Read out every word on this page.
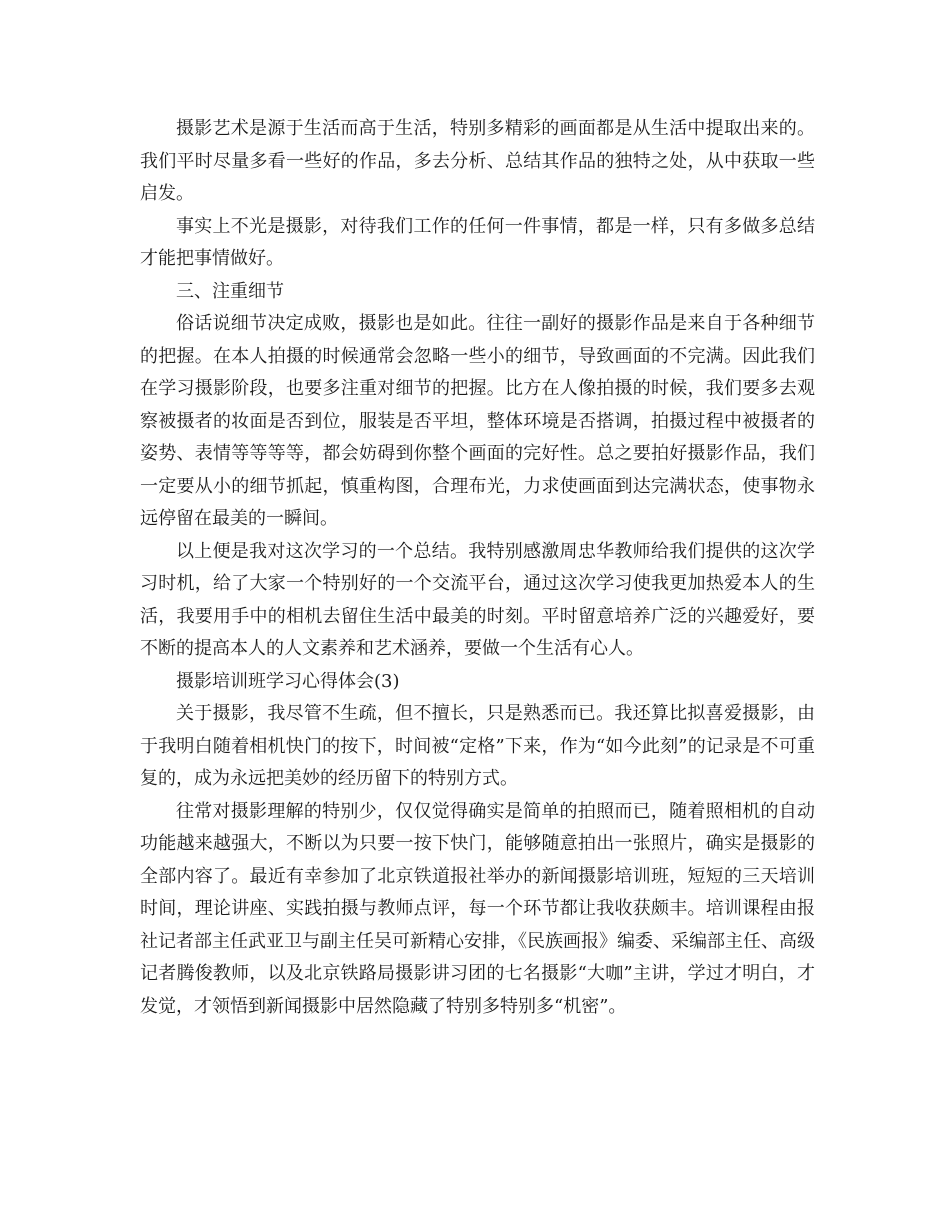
摄影艺术是源于生活而高于生活，特别多精彩的画面都是从生活中提取出来的。我们平时尽量多看一些好的作品，多去分析、总结其作品的独特之处，从中获取一些启发。

事实上不光是摄影，对待我们工作的任何一件事情，都是一样，只有多做多总结才能把事情做好。

三、注重细节

俗话说细节决定成败，摄影也是如此。往往一副好的摄影作品是来自于各种细节的把握。在本人拍摄的时候通常会忽略一些小的细节，导致画面的不完满。因此我们在学习摄影阶段，也要多注重对细节的把握。比方在人像拍摄的时候，我们要多去观察被摄者的妆面是否到位，服装是否平坦，整体环境是否搭调，拍摄过程中被摄者的姿势、表情等等等等，都会妨碍到你整个画面的完好性。总之要拍好摄影作品，我们一定要从小的细节抓起，慎重构图，合理布光，力求使画面到达完满状态，使事物永远停留在最美的一瞬间。

以上便是我对这次学习的一个总结。我特别感激周忠华教师给我们提供的这次学习时机，给了大家一个特别好的一个交流平台，通过这次学习使我更加热爱本人的生活，我要用手中的相机去留住生活中最美的时刻。平时留意培养广泛的兴趣爱好，要不断的提高本人的人文素养和艺术涵养，要做一个生活有心人。

摄影培训班学习心得体会(3)

关于摄影，我尽管不生疏，但不擅长，只是熟悉而已。我还算比拟喜爱摄影，由于我明白随着相机快门的按下，时间被“定格”下来，作为“如今此刻”的记录是不可重复的，成为永远把美妙的经历留下的特别方式。

往常对摄影理解的特别少，仅仅觉得确实是简单的拍照而已，随着照相机的自动功能越来越强大，不断以为只要一按下快门，能够随意拍出一张照片，确实是摄影的全部内容了。最近有幸参加了北京铁道报社举办的新闻摄影培训班，短短的三天培训时间，理论讲座、实践拍摄与教师点评，每一个环节都让我收获颇丰。培训课程由报社记者部主任武亚卫与副主任吴可新精心安排，《民族画报》编委、采编部主任、高级记者腾俊教师，以及北京铁路局摄影讲习团的七名摄影“大咖”主讲，学过才明白，才发觉，才领悟到新闻摄影中居然隐藏了特别多特别多“机密”。
